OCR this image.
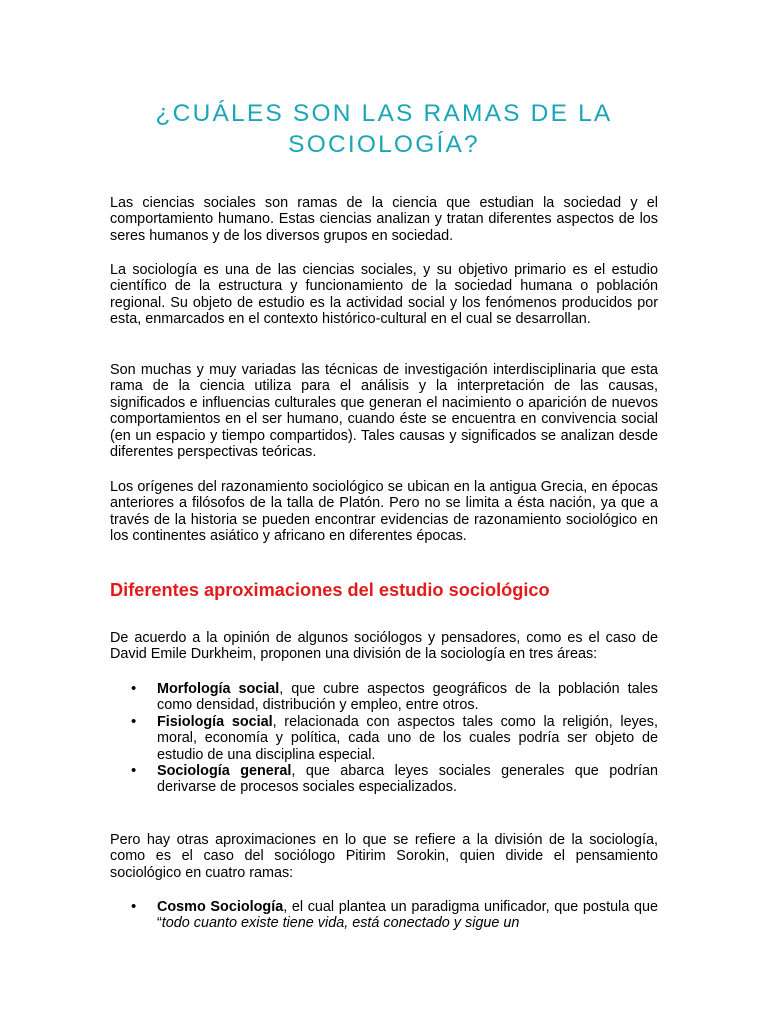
¿CUÁLES SON LAS RAMAS DE LA
SOCIOLOGÍA?

Las ciencias sociales son ramas de la ciencia que estudian la sociedad y el comportamiento humano. Estas ciencias analizan y tratan diferentes aspectos de los seres humanos y de los diversos grupos en sociedad.

La sociología es una de las ciencias sociales, y su objetivo primario es el estudio científico de la estructura y funcionamiento de la sociedad humana o población regional. Su objeto de estudio es la actividad social y los fenómenos producidos por esta, enmarcados en el contexto histórico-cultural en el cual se desarrollan.

Son muchas y muy variadas las técnicas de investigación interdisciplinaria que esta rama de la ciencia utiliza para el análisis y la interpretación de las causas, significados e influencias culturales que generan el nacimiento o aparición de nuevos comportamientos en el ser humano, cuando éste se encuentra en convivencia social (en un espacio y tiempo compartidos). Tales causas y significados se analizan desde diferentes perspectivas teóricas.

Los orígenes del razonamiento sociológico se ubican en la antigua Grecia, en épocas anteriores a filósofos de la talla de Platón. Pero no se limita a ésta nación, ya que a través de la historia se pueden encontrar evidencias de razonamiento sociológico en los continentes asiático y africano en diferentes épocas.

Diferentes aproximaciones del estudio sociológico

De acuerdo a la opinión de algunos sociólogos y pensadores, como es el caso de David Emile Durkheim, proponen una división de la sociología en tres áreas:

• Morfología social, que cubre aspectos geográficos de la población tales como densidad, distribución y empleo, entre otros.
• Fisiología social, relacionada con aspectos tales como la religión, leyes, moral, economía y política, cada uno de los cuales podría ser objeto de estudio de una disciplina especial.
• Sociología general, que abarca leyes sociales generales que podrían derivarse de procesos sociales especializados.

Pero hay otras aproximaciones en lo que se refiere a la división de la sociología, como es el caso del sociólogo Pitirim Sorokin, quien divide el pensamiento sociológico en cuatro ramas:

• Cosmo Sociología, el cual plantea un paradigma unificador, que postula que “todo cuanto existe tiene vida, está conectado y sigue un
